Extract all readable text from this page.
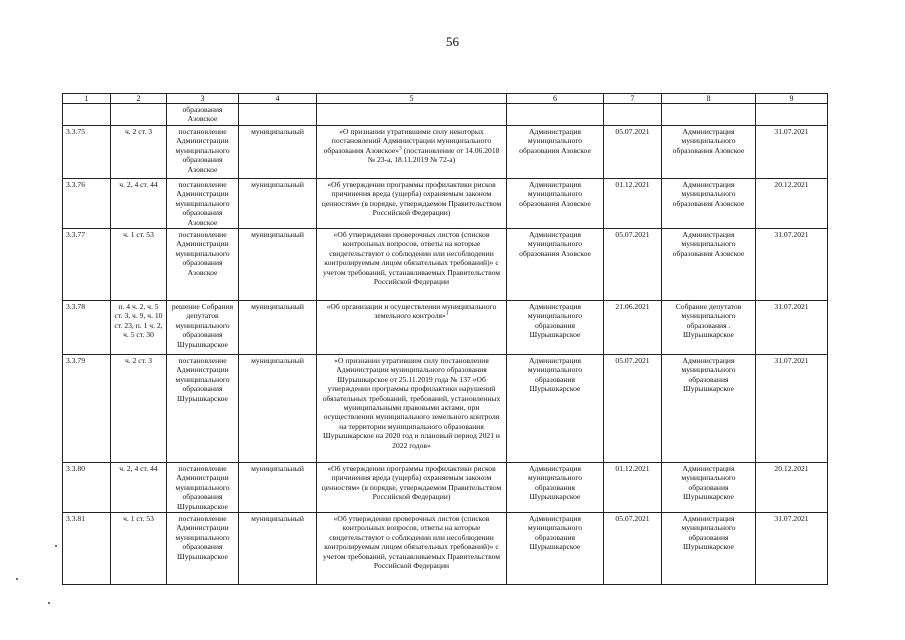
56
1	2	3	4	5	6	7	8	9
		образования Азовское						
3.3.75	ч. 2 ст. 3	постановление Администрации муниципального образования Азовское	муниципальный	«О признании утратившими силу некоторых постановлений Администрации муниципального образования Азовское»$^3$ (постановление от 14.06.2018 № 23-а, 18.11.2019 № 72-а)	Администрация муниципального образования Азовское	05.07.2021	Администрация муниципального образования Азовское	31.07.2021
3.3.76	ч. 2, 4 ст. 44	постановление Администрации муниципального образования Азовское	муниципальный	«Об утверждении программы профилактики рисков причинения вреда (ущерба) охраняемым законом ценностям» (в порядке, утверждаемом Правительством Российской Федерации)	Администрация муниципального образования Азовское	01.12.2021	Администрация муниципального образования Азовское	20.12.2021
3.3.77	ч. 1 ст. 53	постановление Администрации муниципального образования Азовское	муниципальный	«Об утверждении проверочных листов (списков контрольных вопросов, ответы на которые свидетельствуют о соблюдении или несоблюдении контролируемым лицом обязательных требований)» с учетом требований, устанавливаемых Правительством Российской Федерации	Администрация муниципального образования Азовское	05.07.2021	Администрация муниципального образования Азовское	31.07.2021
3.3.78	п. 4 ч. 2, ч. 5 ст. 3, ч. 9, ч. 10 ст. 23, п. 1 ч. 2, ч. 5 ст. 30	решение Собрания депутатов муниципального образования Шурышкарское	муниципальный	«Об организации и осуществлении муниципального земельного контроля»$^1$	Администрация муниципального образования Шурышкарское	21.06.2021	Собрание депутатов муниципального образования . Шурышкарское	31.07.2021
3.3.79	ч. 2 ст. 3	постановление Администрации муниципального образования Шурышкарское	муниципальный	«О признании утратившим силу постановления Администрации муниципального образования Шурышкарское от 25.11.2019 года № 137 «Об утверждении программы профилактики нарушений обязательных требований, требований, установленных муниципальными правовыми актами, при осуществлении муниципального земельного контроля на территории муниципального образования Шурышкарское на 2020 год и плановый период 2021 и 2022 годов»	Администрация муниципального образования Шурышкарское	05.07.2021	Администрация муниципального образования Шурышкарское	31.07.2021
3.3.80	ч. 2, 4 ст. 44	постановление Администрации муниципального образования Шурышкарское	муниципальный	«Об утверждении программы профилактики рисков причинения вреда (ущерба) охраняемым законом ценностям» (в порядке, утверждаемом Правительством Российской Федерации)	Администрация муниципального образования Шурышкарское	01.12.2021	Администрация муниципального образования Шурышкарское	20.12.2021
3.3.81	ч. 1 ст. 53	постановление Администрации муниципального образования Шурышкарское	муниципальный	«Об утверждении проверочных листов (списков контрольных вопросов, ответы на которые свидетельствуют о соблюдении или несоблюдении контролируемым лицом обязательных требований)» с учетом требований, устанавливаемых Правительством Российской Федерации	Администрация муниципального образования Шурышкарское	05.07.2021	Администрация муниципального образования Шурышкарское	31.07.2021
